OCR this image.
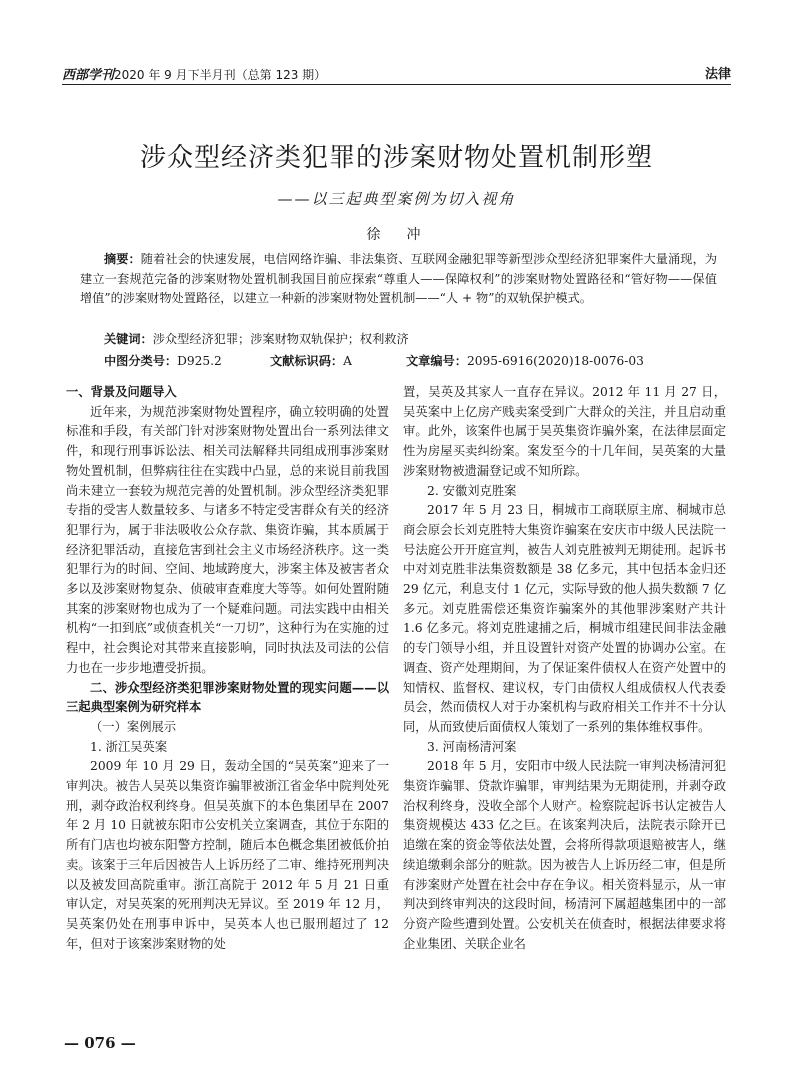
西部学刊2020 年 9 月下半月刊（总第 123 期）	法律
涉众型经济类犯罪的涉案财物处置机制形塑
——以三起典型案例为切入视角
徐　冲
摘要：随着社会的快速发展，电信网络诈骗、非法集资、互联网金融犯罪等新型涉众型经济犯罪案件大量涌现，为建立一套规范完备的涉案财物处置机制我国目前应探索“尊重人——保障权利”的涉案财物处置路径和“管好物——保值增值”的涉案财物处置路径，以建立一种新的涉案财物处置机制——“人 + 物”的双轨保护模式。
关键词：涉众型经济犯罪；涉案财物双轨保护；权利救济
中图分类号：D925.2	文献标识码：A	文章编号：2095-6916(2020)18-0076-03

一、背景及问题导入

近年来，为规范涉案财物处置程序，确立较明确的处置标准和手段，有关部门针对涉案财物处置出台一系列法律文件，和现行刑事诉讼法、相关司法解释共同组成刑事涉案财物处置机制，但弊病往往在实践中凸显，总的来说目前我国尚未建立一套较为规范完善的处置机制。涉众型经济类犯罪专指的受害人数量较多、与诸多不特定受害群众有关的经济犯罪行为，属于非法吸收公众存款、集资诈骗，其本质属于经济犯罪活动，直接危害到社会主义市场经济秩序。这一类犯罪行为的时间、空间、地域跨度大，涉案主体及被害者众多以及涉案财物复杂、侦破审查难度大等等。如何处置附随其案的涉案财物也成为了一个疑难问题。司法实践中由相关机构“一扣到底”或侦查机关“一刀切”，这种行为在实施的过程中，社会舆论对其带来直接影响，同时执法及司法的公信力也在一步步地遭受折损。

二、涉众型经济类犯罪涉案财物处置的现实问题——以三起典型案例为研究样本

（一）案例展示

1. 浙江吴英案

2009 年 10 月 29 日，轰动全国的“吴英案”迎来了一审判决。被告人吴英以集资诈骗罪被浙江省金华中院判处死刑，剥夺政治权利终身。但吴英旗下的本色集团早在 2007 年 2 月 10 日就被东阳市公安机关立案调查，其位于东阳的所有门店也均被东阳警方控制，随后本色概念集团被低价拍卖。该案于三年后因被告人上诉历经了二审、维持死刑判决以及被发回高院重审。浙江高院于 2012 年 5 月 21 日重审认定，对吴英案的死刑判决无异议。至 2019 年 12 月，吴英案仍处在刑事申诉中，吴英本人也已服刑超过了 12 年，但对于该案涉案财物的处

置，吴英及其家人一直存在异议。2012 年 11 月 27 日，吴英案中上亿房产贱卖案受到广大群众的关注，并且启动重审。此外，该案件也属于吴英集资诈骗外案，在法律层面定性为房屋买卖纠纷案。案发至今的十几年间，吴英案的大量涉案财物被遗漏登记或不知所踪。

2. 安徽刘克胜案

2017 年 5 月 23 日，桐城市工商联原主席、桐城市总商会原会长刘克胜特大集资诈骗案在安庆市中级人民法院一号法庭公开开庭宣判，被告人刘克胜被判无期徒刑。起诉书中对刘克胜非法集资数额是 38 亿多元，其中包括本金归还 29 亿元，利息支付 1 亿元，实际导致的他人损失数额 7 亿多元。刘克胜需偿还集资诈骗案外的其他罪涉案财产共计 1.6 亿多元。将刘克胜逮捕之后，桐城市组建民间非法金融的专门领导小组，并且设置针对资产处置的协调办公室。在调查、资产处理期间，为了保证案件债权人在资产处置中的知情权、监督权、建议权，专门由债权人组成债权人代表委员会，然而债权人对于办案机构与政府相关工作并不十分认同，从而致使后面债权人策划了一系列的集体维权事件。

3. 河南杨清河案

2018 年 5 月，安阳市中级人民法院一审判决杨清河犯集资诈骗罪、贷款诈骗罪，审判结果为无期徒刑，并剥夺政治权利终身，没收全部个人财产。检察院起诉书认定被告人集资规模达 433 亿之巨。在该案判决后，法院表示除开已追缴在案的资金等依法处置，会将所得款项退赔被害人，继续追缴剩余部分的赃款。因为被告人上诉历经二审，但是所有涉案财产处置在社会中存在争议。相关资料显示，从一审判决到终审判决的这段时间，杨清河下属超越集团中的一部分资产险些遭到处置。公安机关在侦查时，根据法律要求将企业集团、关联企业名

— 076 —
